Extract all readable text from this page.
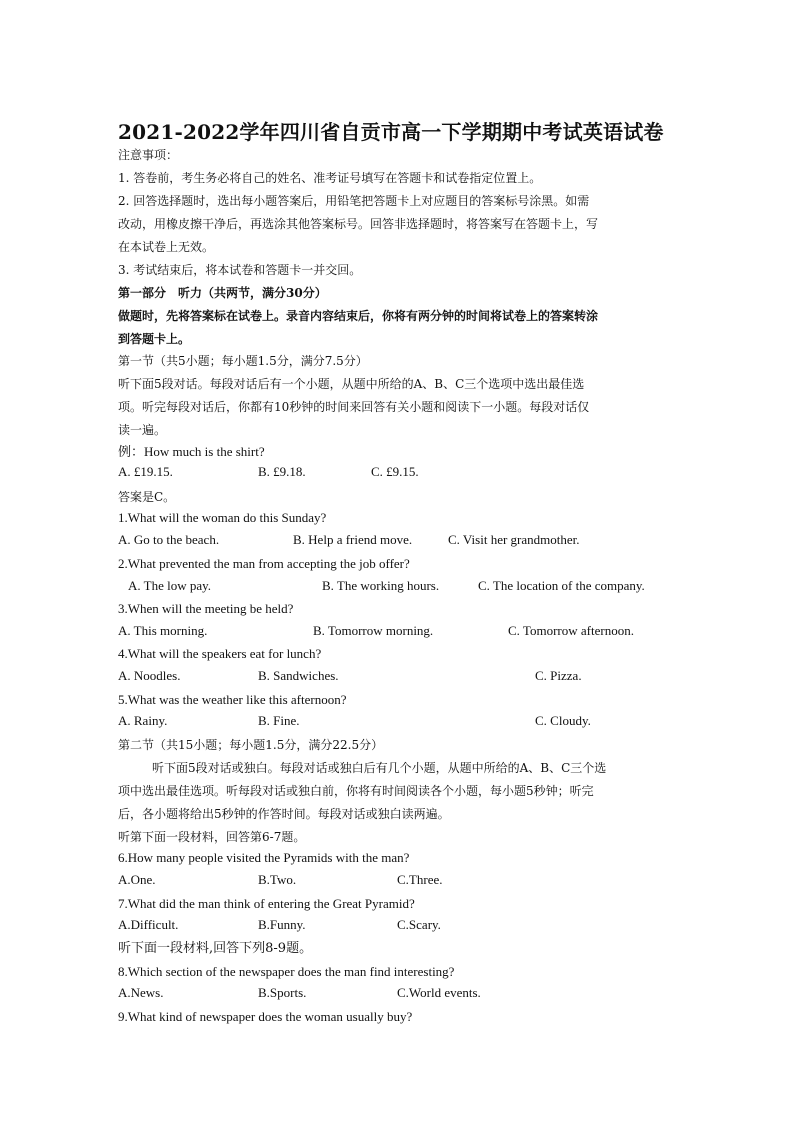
2021-2022学年四川省自贡市高一下学期期中考试英语试卷
注意事项：
1. 答卷前，考生务必将自己的姓名、准考证号填写在答题卡和试卷指定位置上。
2. 回答选择题时，选出每小题答案后，用铅笔把答题卡上对应题目的答案标号涂黑。如需
改动，用橡皮擦干净后，再选涂其他答案标号。回答非选择题时，将答案写在答题卡上，写
在本试卷上无效。
3. 考试结束后，将本试卷和答题卡一并交回。
第一部分　听力（共两节，满分30分）
做题时，先将答案标在试卷上。录音内容结束后，你将有两分钟的时间将试卷上的答案转涂
到答题卡上。
第一节（共5小题；每小题1.5分，满分7.5分）
听下面5段对话。每段对话后有一个小题，从题中所给的A、B、C三个选项中选出最佳选
项。听完每段对话后，你都有10秒钟的时间来回答有关小题和阅读下一小题。每段对话仅
读一遍。
例：How much is the shirt?
A. £19.15.	B. £9.18.	C. £9.15.
答案是C。
1.What will the woman do this Sunday?
A. Go to the beach.	B. Help a friend move.	C. Visit her grandmother.
2.What prevented the man from accepting the job offer?
A. The low pay.	B. The working hours.	C. The location of the company.
3.When will the meeting be held?
A. This morning.	B. Tomorrow morning.	C. Tomorrow afternoon.
4.What will the speakers eat for lunch?
A. Noodles.	B. Sandwiches.	C. Pizza.
5.What was the weather like this afternoon?
A. Rainy.	B. Fine.	C. Cloudy.
第二节（共15小题；每小题1.5分，满分22.5分）
听下面5段对话或独白。每段对话或独白后有几个小题，从题中所给的A、B、C三个选
项中选出最佳选项。听每段对话或独白前，你将有时间阅读各个小题，每小题5秒钟；听完
后，各小题将给出5秒钟的作答时间。每段对话或独白读两遍。
听第下面一段材料，回答第6-7题。
6.How many people visited the Pyramids with the man?
A.One.	B.Two.	C.Three.
7.What did the man think of entering the Great Pyramid?
A.Difficult.	B.Funny.	C.Scary.
听下面一段材料,回答下列8-9题。
8.Which section of the newspaper does the man find interesting?
A.News.	B.Sports.	C.World events.
9.What kind of newspaper does the woman usually buy?
